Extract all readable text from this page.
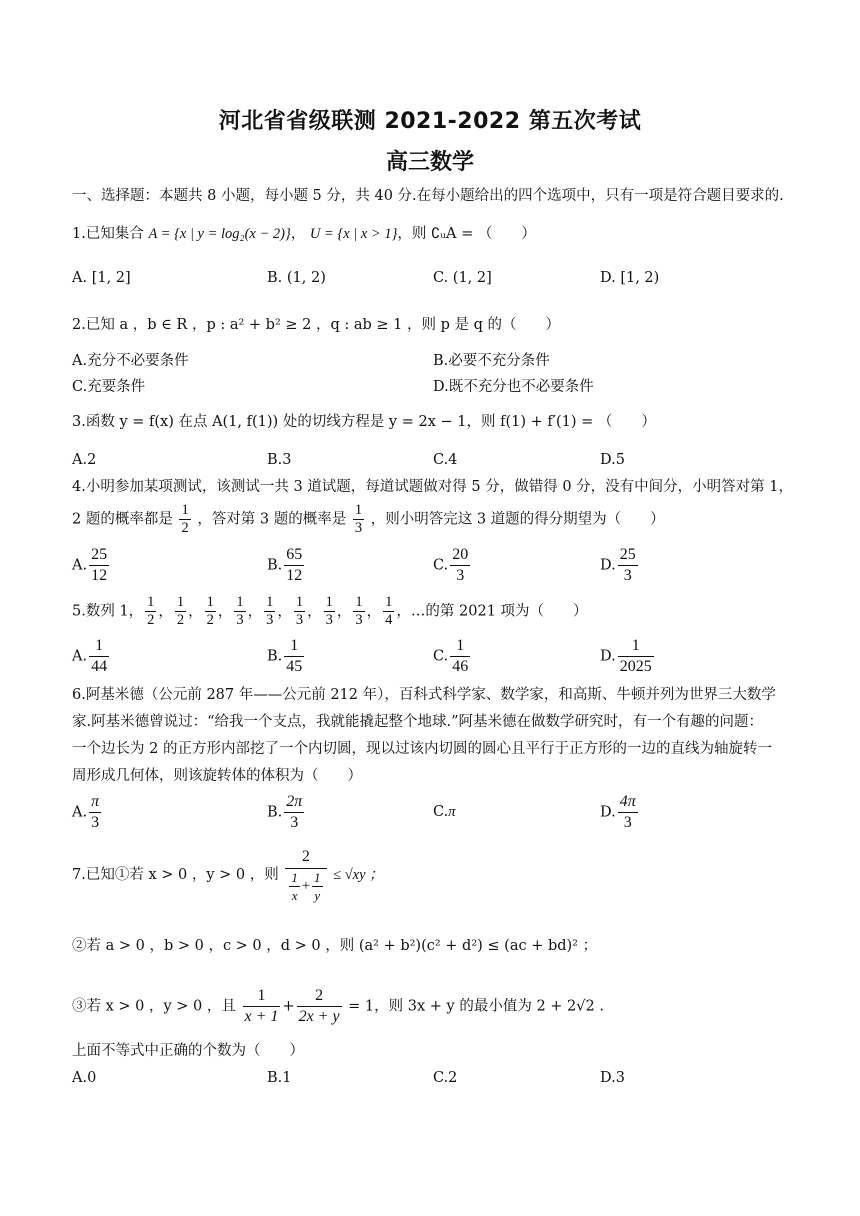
河北省省级联测 2021-2022 第五次考试
高三数学
一、选择题：本题共 8 小题，每小题 5 分，共 40 分.在每小题给出的四个选项中，只有一项是符合题目要求的.
1.已知集合 A = {x | y = log₂(x − 2)}， U = {x | x > 1}，则 ∁ᵤA = （　　）
A. [1, 2]	B. (1, 2)	C. (1, 2]	D. [1, 2)
2.已知 a ，b ∈ R ，p : a² + b² ≥ 2 ，q : ab ≥ 1 ，则 p 是 q 的（　　）
A.充分不必要条件	B.必要不充分条件
C.充要条件	D.既不充分也不必要条件
3.函数 y = f(x) 在点 A(1, f(1)) 处的切线方程是 y = 2x − 1，则 f(1) + f′(1) = （　　）
A.2	B.3	C.4	D.5
4.小明参加某项测试，该测试一共 3 道试题，每道试题做对得 5 分，做错得 0 分，没有中间分，小明答对第 1，
2 题的概率都是 $\frac{1}{2}$ ，答对第 3 题的概率是 $\frac{1}{3}$ ，则小明答完这 3 道题的得分期望为（　　）
A. $\frac{25}{12}$	B. $\frac{65}{12}$	C. $\frac{20}{3}$	D. $\frac{25}{3}$
5.数列 1， $\frac{1}{2}$ ， $\frac{1}{2}$ ， $\frac{1}{2}$ ， $\frac{1}{3}$ ， $\frac{1}{3}$ ， $\frac{1}{3}$ ， $\frac{1}{3}$ ， $\frac{1}{3}$ ， $\frac{1}{4}$ ，…的第 2021 项为（　　）
A. $\frac{1}{44}$	B. $\frac{1}{45}$	C. $\frac{1}{46}$	D. $\frac{1}{2025}$
6.阿基米德（公元前 287 年——公元前 212 年），百科式科学家、数学家，和高斯、牛顿并列为世界三大数学
家.阿基米德曾说过：“给我一个支点，我就能撬起整个地球.”阿基米德在做数学研究时，有一个有趣的问题：
一个边长为 2 的正方形内部挖了一个内切圆，现以过该内切圆的圆心且平行于正方形的一边的直线为轴旋转一
周形成几何体，则该旋转体的体积为（　　）
A. $\frac{\pi}{3}$	B. $\frac{2\pi}{3}$	C.π	D. $\frac{4\pi}{3}$
7.已知①若 x > 0 ，y > 0 ，则 $\frac{2}{\frac{1}{x} + \frac{1}{y}} \le √xy$ ；
②若 a > 0 ，b > 0 ，c > 0 ，d > 0 ，则 (a² + b²)(c² + d²) ≤ (ac + bd)² ；
③若 x > 0 ，y > 0 ，且 $\frac{1}{x + 1} + \frac{2}{2x + y} = 1$，则 3x + y 的最小值为 2 + 2√2 .
上面不等式中正确的个数为（　　）
A.0	B.1	C.2	D.3
